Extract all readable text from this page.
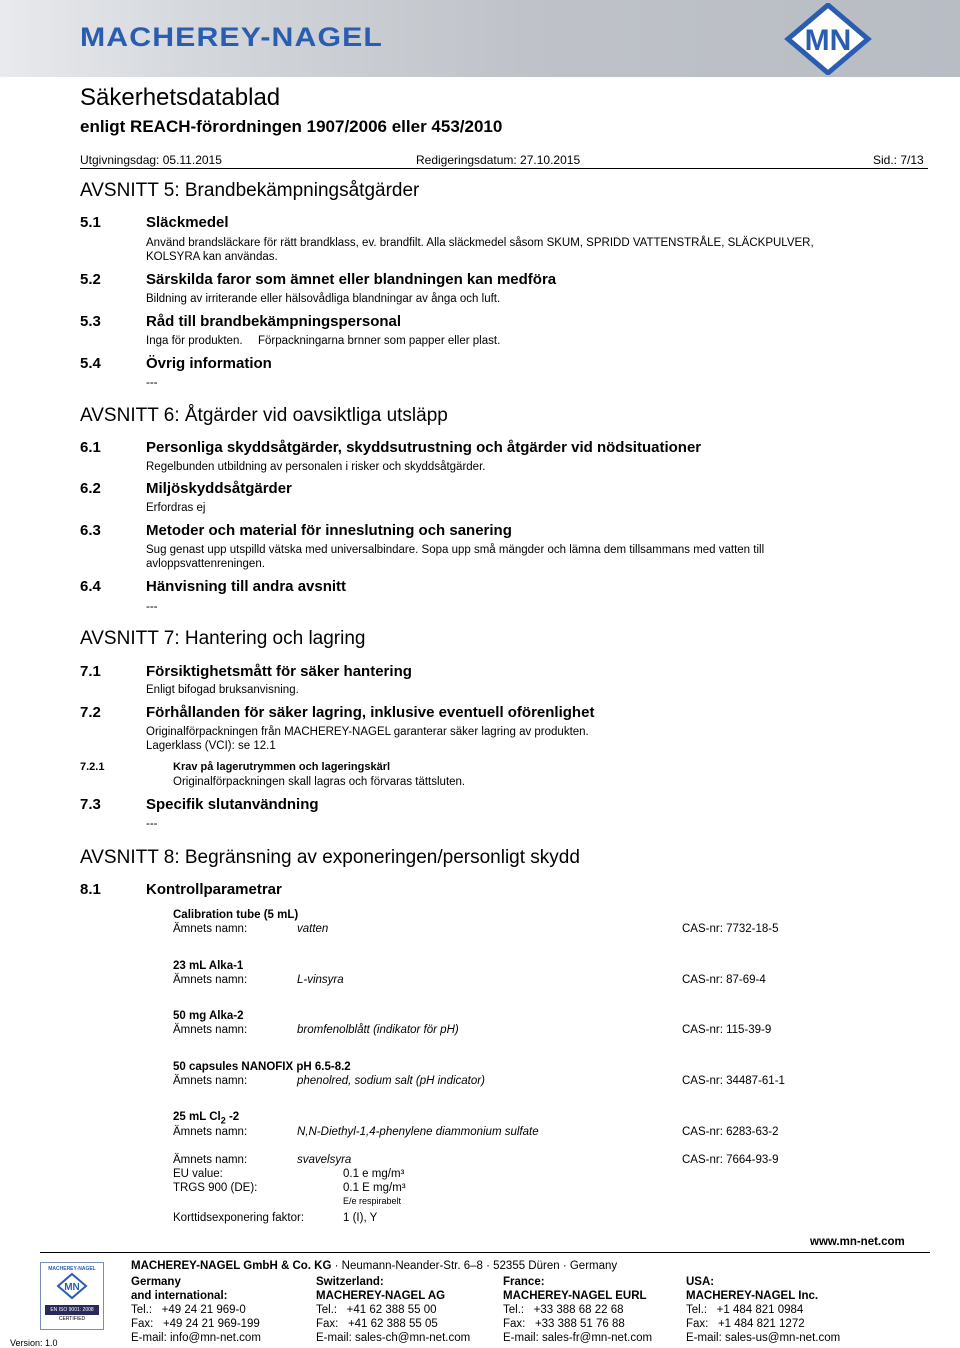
MACHEREY-NAGEL	MN
Säkerhetsdatablad
enligt REACH-förordningen 1907/2006 eller 453/2010
Utgivningsdag: 05.11.2015	Redigeringsdatum: 27.10.2015	Sid.: 7/13
AVSNITT 5: Brandbekämpningsåtgärder
5.1	Släckmedel
Använd brandsläckare för rätt brandklass, ev. brandfilt. Alla släckmedel såsom SKUM, SPRIDD VATTENSTRÅLE, SLÄCKPULVER,
KOLSYRA kan användas.
5.2	Särskilda faror som ämnet eller blandningen kan medföra
Bildning av irriterande eller hälsovådliga blandningar av ånga och luft.
5.3	Råd till brandbekämpningspersonal
Inga för produkten. Förpackningarna brnner som papper eller plast.
5.4	Övrig information
---
AVSNITT 6: Åtgärder vid oavsiktliga utsläpp
6.1	Personliga skyddsåtgärder, skyddsutrustning och åtgärder vid nödsituationer
Regelbunden utbildning av personalen i risker och skyddsåtgärder.
6.2	Miljöskyddsåtgärder
Erfordras ej
6.3	Metoder och material för inneslutning och sanering
Sug genast upp utspilld vätska med universalbindare. Sopa upp små mängder och lämna dem tillsammans med vatten till
avloppsvattenreningen.
6.4	Hänvisning till andra avsnitt
---
AVSNITT 7: Hantering och lagring
7.1	Försiktighetsmått för säker hantering
Enligt bifogad bruksanvisning.
7.2	Förhållanden för säker lagring, inklusive eventuell oförenlighet
Originalförpackningen från MACHEREY-NAGEL garanterar säker lagring av produkten.
Lagerklass (VCI): se 12.1
7.2.1	Krav på lagerutrymmen och lageringskärl
Originalförpackningen skall lagras och förvaras tättsluten.
7.3	Specifik slutanvändning
---
AVSNITT 8: Begränsning av exponeringen/personligt skydd
8.1	Kontrollparametrar
Calibration tube (5 mL)
Ämnets namn:	vatten	CAS-nr: 7732-18-5
23 mL Alka-1
Ämnets namn:	L-vinsyra	CAS-nr: 87-69-4
50 mg Alka-2
Ämnets namn:	bromfenolblått (indikator för pH)	CAS-nr: 115-39-9
50 capsules NANOFIX pH 6.5-8.2
Ämnets namn:	phenolred, sodium salt (pH indicator)	CAS-nr: 34487-61-1
25 mL $Cl_2$ -2
Ämnets namn:	N,N-Diethyl-1,4-phenylene diammonium sulfate	CAS-nr: 6283-63-2
Ämnets namn:	svavelsyra	CAS-nr: 7664-93-9
EU value:	0.1 e mg/m³
TRGS 900 (DE):	0.1 E mg/m³
E/e respirabelt
Korttidsexponering faktor:	1 (I), Y
MACHEREY-NAGEL
MN
EN ISO 9001: 2008
CERTIFIED
Version: 1.0
MACHEREY-NAGEL GmbH & Co. KG · Neumann-Neander-Str. 6–8 · 52355 Düren · Germany
www.mn-net.com
Germany
and international:
Tel.:   +49 24 21 969-0
Fax:   +49 24 21 969-199
E-mail: info@mn-net.com
Switzerland:
MACHEREY-NAGEL AG
Tel.:   +41 62 388 55 00
Fax:   +41 62 388 55 05
E-mail: sales-ch@mn-net.com
France:
MACHEREY-NAGEL EURL
Tel.:   +33 388 68 22 68
Fax:   +33 388 51 76 88
E-mail: sales-fr@mn-net.com
USA:
MACHEREY-NAGEL Inc.
Tel.:   +1 484 821 0984
Fax:   +1 484 821 1272
E-mail: sales-us@mn-net.com
